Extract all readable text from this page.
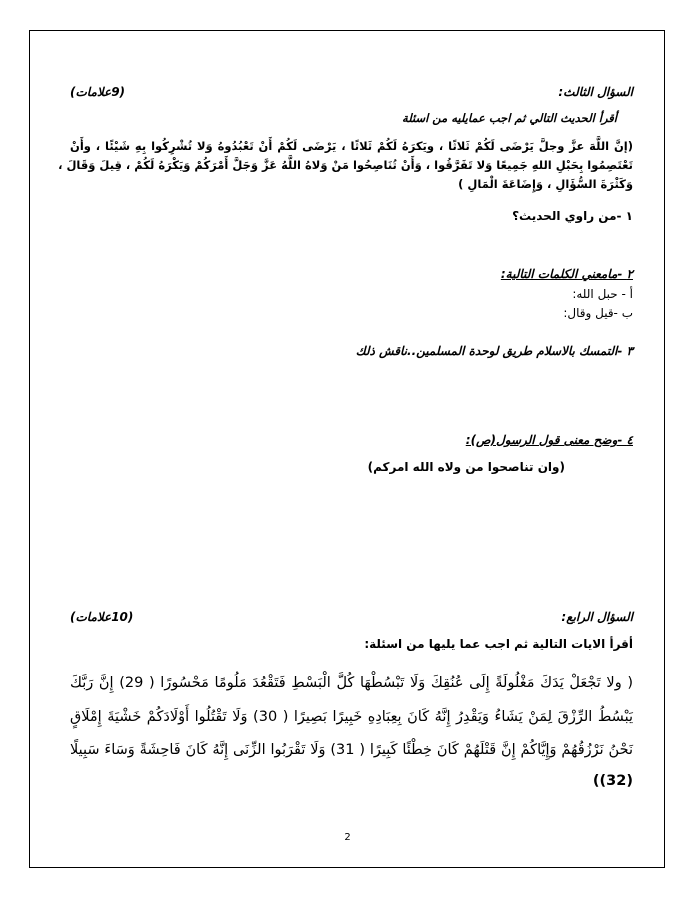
السؤال الثالث:
(9علامات)
أقرأ الحديث التالي ثم اجب عمايليه من اسئلة
(إنَّ اللَّهَ عزَّ وجلَّ يَرْضَى لَكُمْ ثَلاثًا ، ويَكرَهُ لَكُمْ ثَلاثًا ، يَرْضَى لَكُمْ أَنْ تَعْبُدُوهُ وَلا تُشْرِكُوا بِهِ شَيْئًا ، وأَنْ
تَعْتَصِمُوا بِحَبْلِ اللهِ جَمِيعًا وَلا تَفَرَّقُوا ، وَأَنْ تُنَاصِحُوا مَنْ وَلاهُ اللَّهُ عَزَّ وَجَلَّ أَمْرَكُمْ وَيَكْرَهُ لَكُمْ ، قِيلَ وَقَالَ ،
وَكَثْرَةَ السُّؤَالِ ، وَإِضَاعَةَ الْمَالِ )
١ -من راوي الحديث؟
٢ -مامعني الكلمات التالية:
أ - حبل الله:
ب -قيل وقال:
٣ -التمسك بالاسلام طريق لوحدة المسلمين..ناقش ذلك
٤ -وضح معنى قول الرسول(ص):
(وان تناصحوا من ولاه الله امركم)
السؤال الرابع:
(10علامات)
أقرأ الايات التالية ثم اجب عما يليها من اسئلة:
( ولا تَجْعَلْ يَدَكَ مَغْلُولَةً إِلَى عُنُقِكَ وَلَا تَبْسُطْهَا كُلَّ الْبَسْطِ فَتَقْعُدَ مَلُومًا مَحْسُورًا ( 29) إِنَّ رَبَّكَ
يَبْسُطُ الرِّزْقَ لِمَنْ يَشَاءُ وَيَقْدِرُ إِنَّهُ كَانَ بِعِبَادِهِ خَبِيرًا بَصِيرًا ( 30) وَلَا تَقْتُلُوا أَوْلَادَكُمْ خَشْيَةَ إِمْلَاقٍ
نَحْنُ نَرْزُقُهُمْ وَإِيَّاكُمْ إِنَّ قَتْلَهُمْ كَانَ خِطْئًا كَبِيرًا ( 31) وَلَا تَقْرَبُوا الزِّنَى إِنَّهُ كَانَ فَاحِشَةً وَسَاءَ سَبِيلًا
(32))
2
